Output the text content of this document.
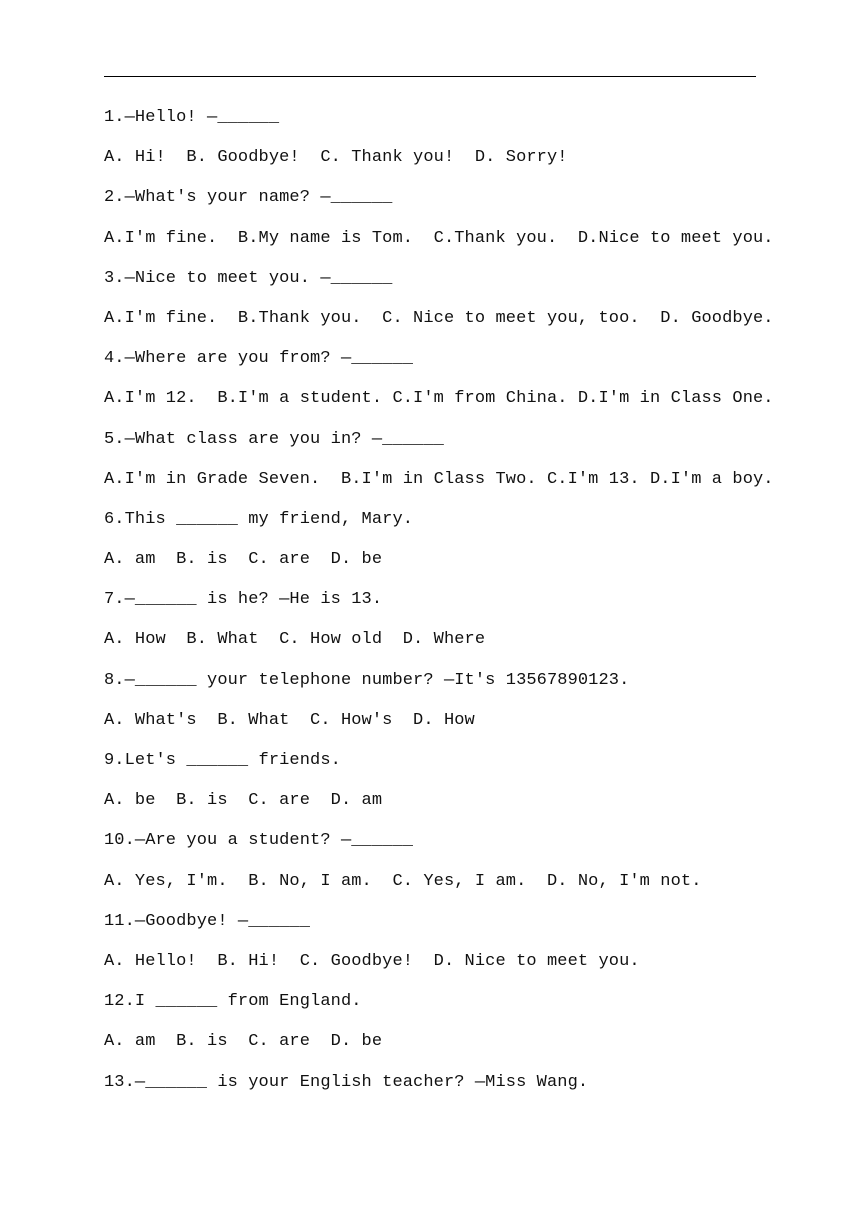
1.—Hello! —______
A. Hi!  B. Goodbye!  C. Thank you!  D. Sorry!
2.—What's your name? —______
A.I'm fine.  B.My name is Tom.  C.Thank you.  D.Nice to meet you.
3.—Nice to meet you. —______
A.I'm fine.  B.Thank you.  C. Nice to meet you, too.  D. Goodbye.
4.—Where are you from? —______
A.I'm 12.  B.I'm a student. C.I'm from China. D.I'm in Class One.
5.—What class are you in? —______
A.I'm in Grade Seven.  B.I'm in Class Two. C.I'm 13. D.I'm a boy.
6.This ______ my friend, Mary.
A. am  B. is  C. are  D. be
7.—______ is he? —He is 13.
A. How  B. What  C. How old  D. Where
8.—______ your telephone number? —It's 13567890123.
A. What's  B. What  C. How's  D. How
9.Let's ______ friends.
A. be  B. is  C. are  D. am
10.—Are you a student? —______
A. Yes, I'm.  B. No, I am.  C. Yes, I am.  D. No, I'm not.
11.—Goodbye! —______
A. Hello!  B. Hi!  C. Goodbye!  D. Nice to meet you.
12.I ______ from England.
A. am  B. is  C. are  D. be
13.—______ is your English teacher? —Miss Wang.
